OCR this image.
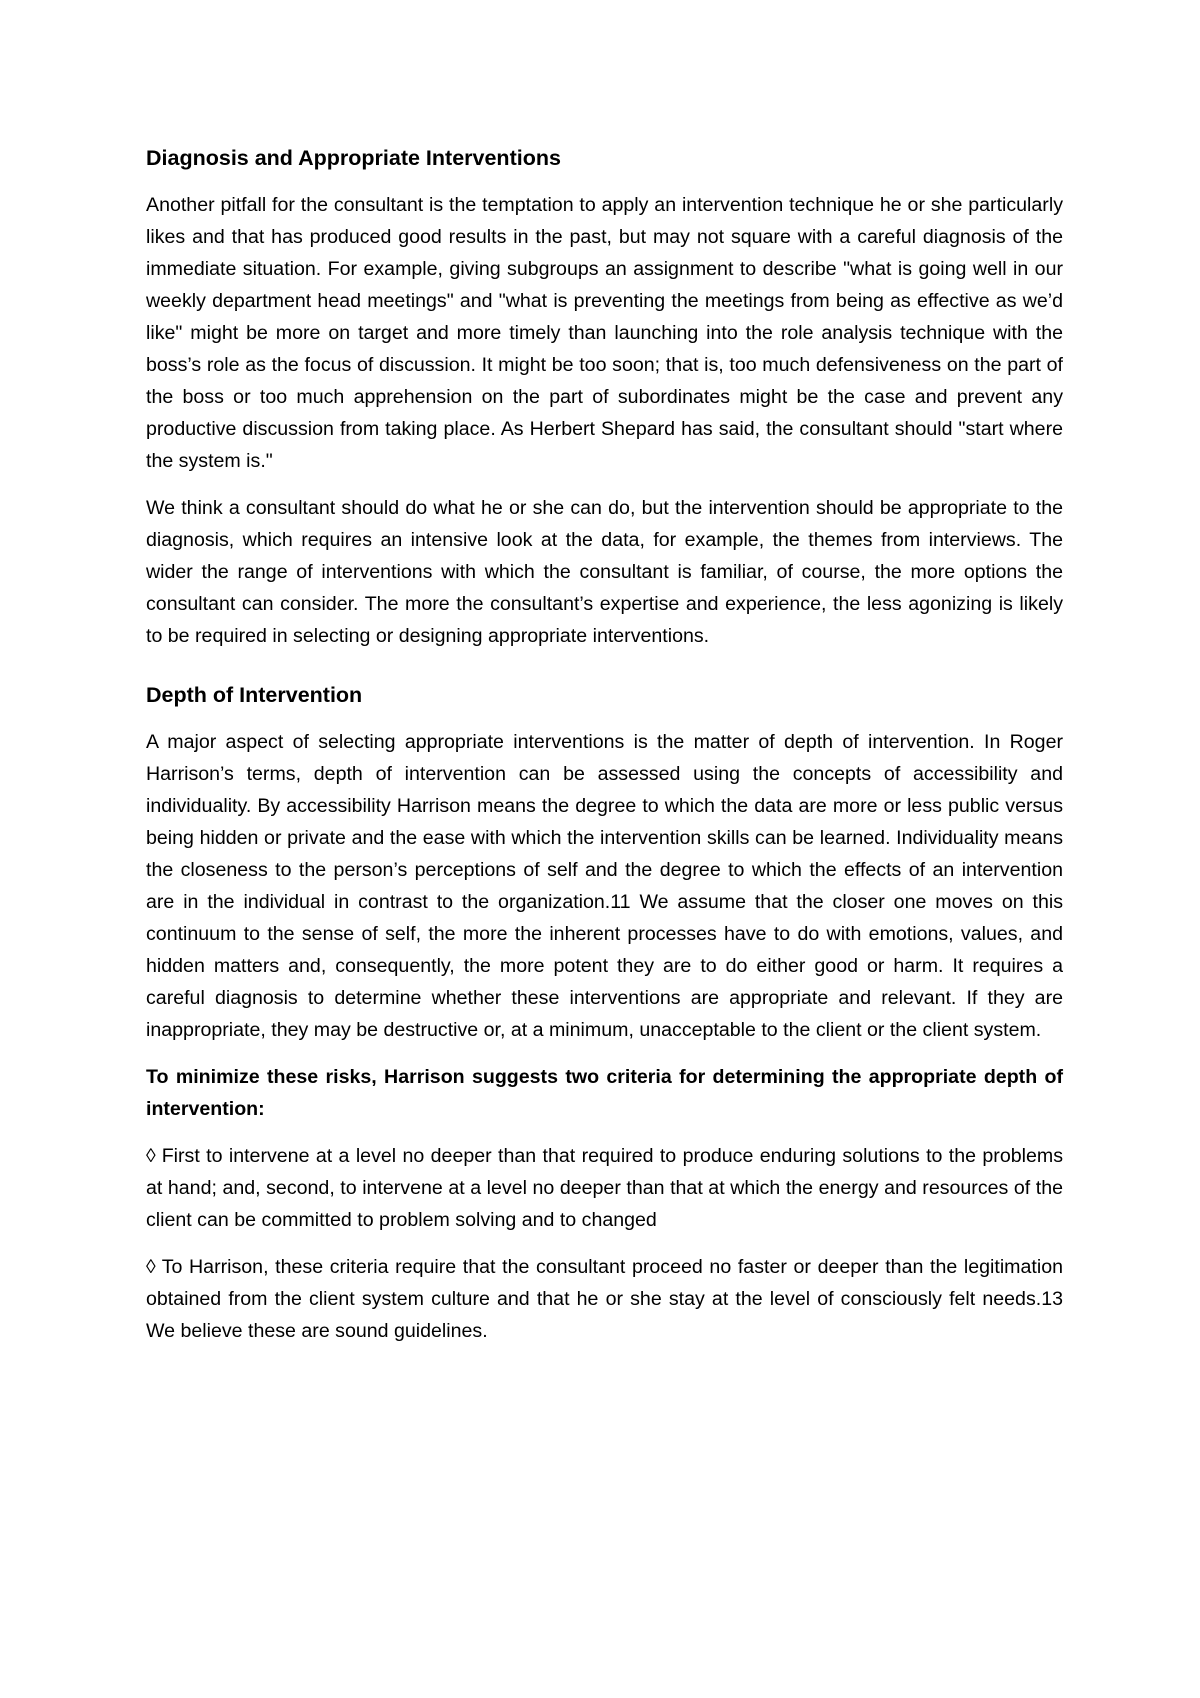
Diagnosis and Appropriate Interventions

Another pitfall for the consultant is the temptation to apply an intervention technique he or she particularly likes and that has produced good results in the past, but may not square with a careful diagnosis of the immediate situation. For example, giving subgroups an assignment to describe "what is going well in our weekly department head meetings" and "what is preventing the meetings from being as effective as we’d like" might be more on target and more timely than launching into the role analysis technique with the boss’s role as the focus of discussion. It might be too soon; that is, too much defensiveness on the part of the boss or too much apprehension on the part of subordinates might be the case and prevent any productive discussion from taking place. As Herbert Shepard has said, the consultant should "start where the system is."

We think a consultant should do what he or she can do, but the intervention should be appropriate to the diagnosis, which requires an intensive look at the data, for example, the themes from interviews. The wider the range of interventions with which the consultant is familiar, of course, the more options the consultant can consider. The more the consultant’s expertise and experience, the less agonizing is likely to be required in selecting or designing appropriate interventions.

Depth of Intervention

A major aspect of selecting appropriate interventions is the matter of depth of intervention. In Roger Harrison’s terms, depth of intervention can be assessed using the concepts of accessibility and individuality. By accessibility Harrison means the degree to which the data are more or less public versus being hidden or private and the ease with which the intervention skills can be learned. Individuality means the closeness to the person’s perceptions of self and the degree to which the effects of an intervention are in the individual in contrast to the organization.11 We assume that the closer one moves on this continuum to the sense of self, the more the inherent processes have to do with emotions, values, and hidden matters and, consequently, the more potent they are to do either good or harm. It requires a careful diagnosis to determine whether these interventions are appropriate and relevant. If they are inappropriate, they may be destructive or, at a minimum, unacceptable to the client or the client system.

To minimize these risks, Harrison suggests two criteria for determining the appropriate depth of intervention:

◊ First to intervene at a level no deeper than that required to produce enduring solutions to the problems at hand; and, second, to intervene at a level no deeper than that at which the energy and resources of the client can be committed to problem solving and to changed

◊ To Harrison, these criteria require that the consultant proceed no faster or deeper than the legitimation obtained from the client system culture and that he or she stay at the level of consciously felt needs.13 We believe these are sound guidelines.
